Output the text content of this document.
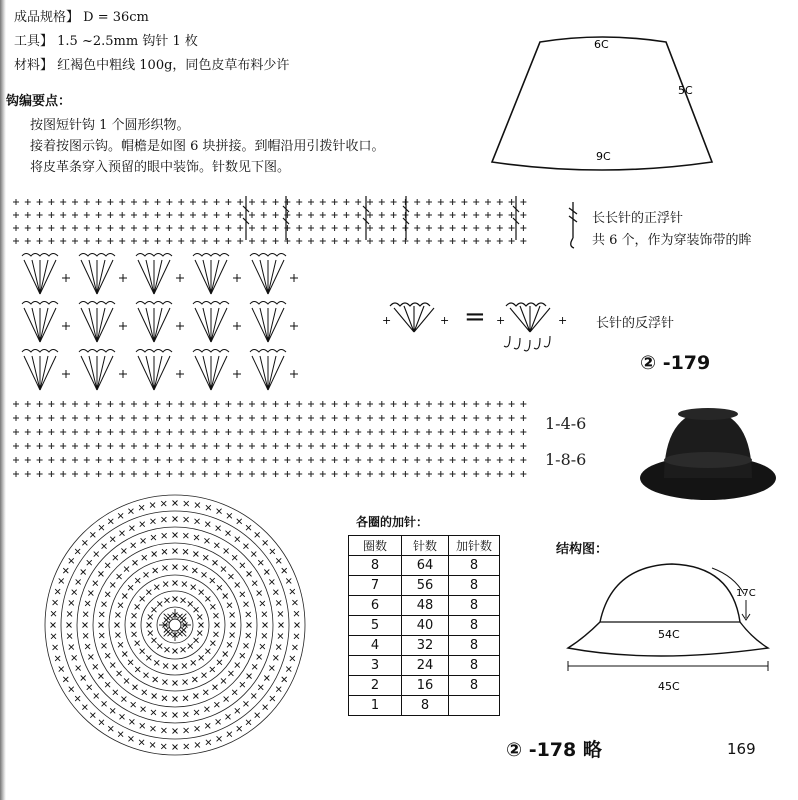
成品规格】 D = 36cm
工具】 1.5 ~2.5mm 钩针 1 枚
材料】 红褐色中粗线 100g，同色皮草布料少许
钩编要点：
按图短针钩 1 个圆形织物。
接着按图示钩。帽檐是如图 6 块拼接。到帽沿用引拨针收口。
将皮革条穿入预留的眼中装饰。针数见下图。
6C
5C
9C
长长针的正浮针
共 6 个，作为穿装饰带的眸
+	+ = +	+ 长针的反浮针
② -179
1-4-6
1-8-6
各圈的加针：
圈数	针数	加针数
8	64	8
7	56	8
6	48	8
5	40	8
4	32	8
3	24	8
2	16	8
1	8	
结构图：
17C
54C
45C
② -178 略	169
